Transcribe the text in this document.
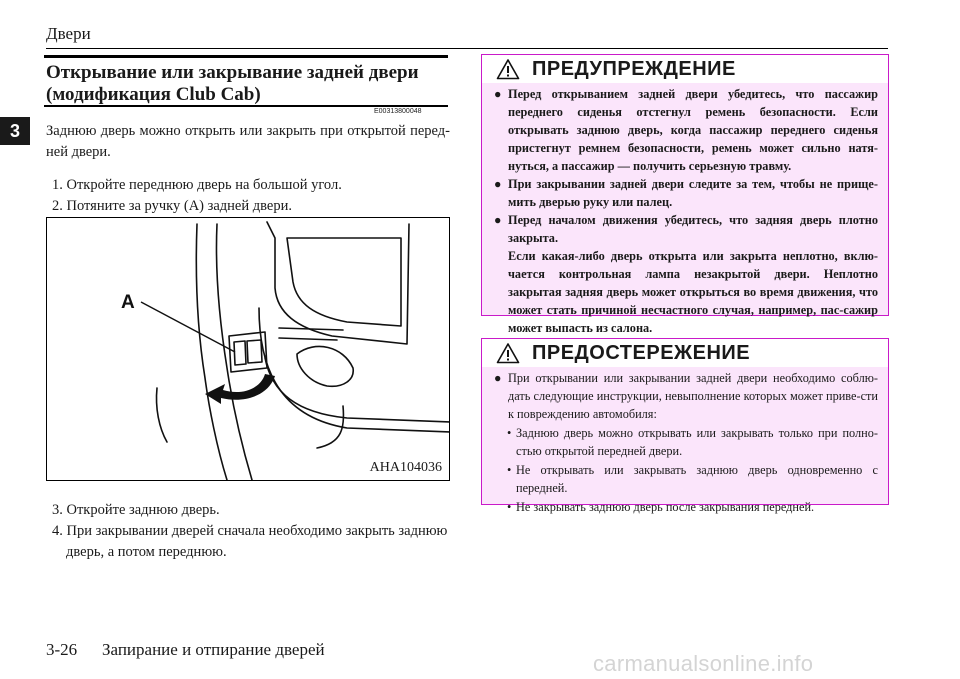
Двери
3
Открывание или закрывание задней двери
(модификация Club Cab)
E00313800048
Заднюю дверь можно открыть или закрыть при открытой перед-ней двери.
1. Откройте переднюю дверь на большой угол.
2. Потяните за ручку (A) задней двери.
A
AHA104036
3. Откройте заднюю дверь.
4. При закрывании дверей сначала необходимо закрыть заднюю дверь, а потом переднюю.
ПРЕДУПРЕЖДЕНИЕ
● Перед открыванием задней двери убедитесь, что пассажир переднего сиденья отстегнул ремень безопасности. Если открывать заднюю дверь, когда пассажир переднего сиденья пристегнут ремнем безопасности, ремень может сильно натя-нуться, а пассажир — получить серьезную травму.
● При закрывании задней двери следите за тем, чтобы не прище-мить дверью руку или палец.
● Перед началом движения убедитесь, что задняя дверь плотно закрыта.
Если какая-либо дверь открыта или закрыта неплотно, вклю-чается контрольная лампа незакрытой двери. Неплотно закрытая задняя дверь может открыться во время движения, что может стать причиной несчастного случая, например, пас-сажир может выпасть из салона.
ПРЕДОСТЕРЕЖЕНИЕ
● При открывании или закрывании задней двери необходимо соблю-дать следующие инструкции, невыполнение которых может приве-сти к повреждению автомобиля:
• Заднюю дверь можно открывать или закрывать только при полно-стью открытой передней двери.
• Не открывать или закрывать заднюю дверь одновременно с передней.
• Не закрывать заднюю дверь после закрывания передней.
3-26 Запирание и отпирание дверей
carmanualsonline.info
